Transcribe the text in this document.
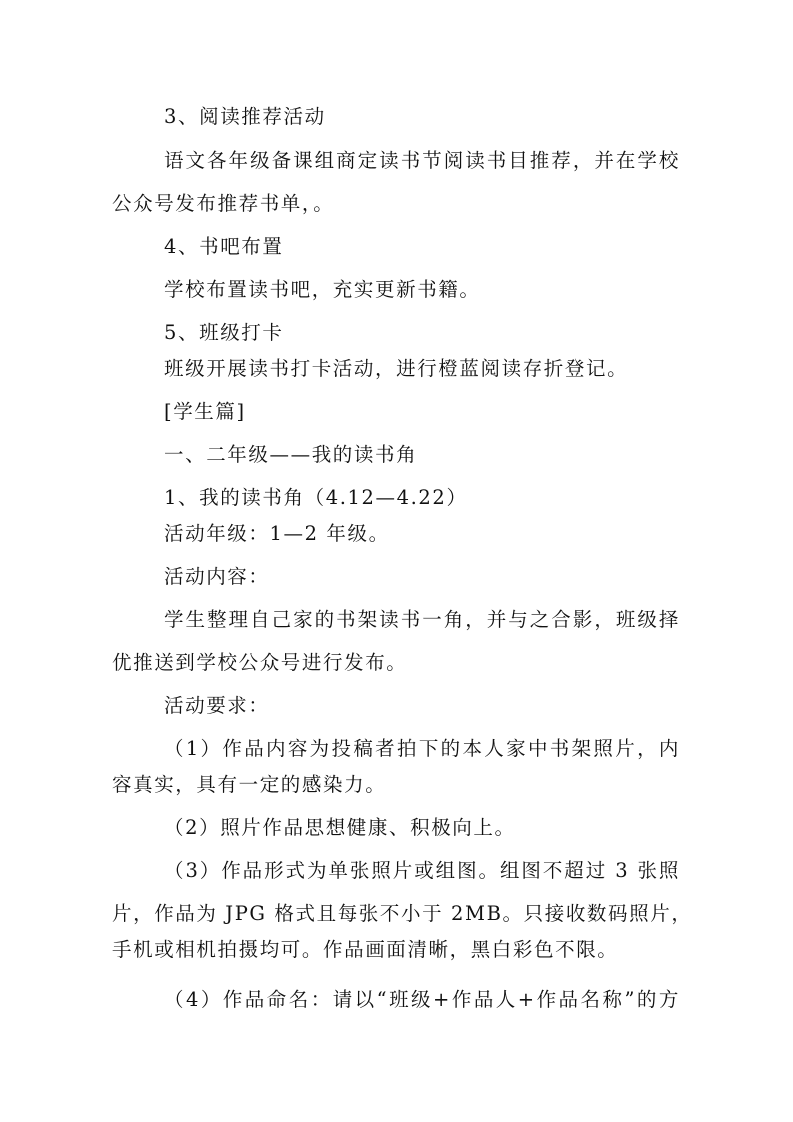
3、阅读推荐活动
语文各年级备课组商定读书节阅读书目推荐，并在学校
公众号发布推荐书单，。
4、书吧布置
学校布置读书吧，充实更新书籍。
5、班级打卡
班级开展读书打卡活动，进行橙蓝阅读存折登记。
[学生篇]
一、二年级——我的读书角
1、我的读书角（4.12—4.22）
活动年级：1—2 年级。
活动内容：
学生整理自己家的书架读书一角，并与之合影，班级择
优推送到学校公众号进行发布。
活动要求：
（1）作品内容为投稿者拍下的本人家中书架照片，内
容真实，具有一定的感染力。
（2）照片作品思想健康、积极向上。
（3）作品形式为单张照片或组图。组图不超过 3 张照
片，作品为 JPG 格式且每张不小于 2MB。只接收数码照片，
手机或相机拍摄均可。作品画面清晰，黑白彩色不限。
（4）作品命名：请以“班级+作品人+作品名称”的方
